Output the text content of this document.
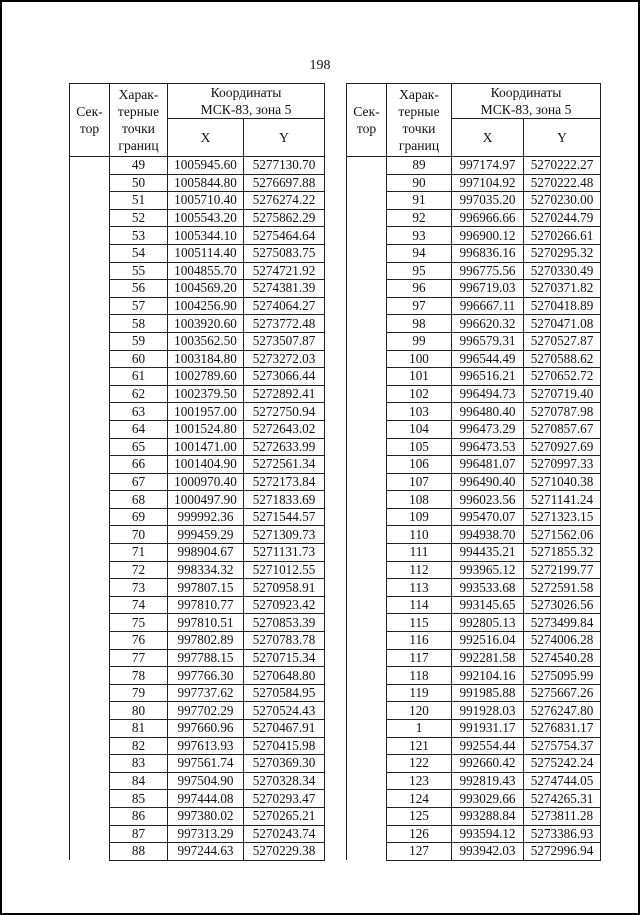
198
Сек-
тор	Харак-
терные
точки
границ	Координаты
МСК-83, зона 5	
		X	Y
	49	1005945.60	5277130.70
	50	1005844.80	5276697.88
	51	1005710.40	5276274.22
	52	1005543.20	5275862.29
	53	1005344.10	5275464.64
	54	1005114.40	5275083.75
	55	1004855.70	5274721.92
	56	1004569.20	5274381.39
	57	1004256.90	5274064.27
	58	1003920.60	5273772.48
	59	1003562.50	5273507.87
	60	1003184.80	5273272.03
	61	1002789.60	5273066.44
	62	1002379.50	5272892.41
	63	1001957.00	5272750.94
	64	1001524.80	5272643.02
	65	1001471.00	5272633.99
	66	1001404.90	5272561.34
	67	1000970.40	5272173.84
	68	1000497.90	5271833.69
	69	999992.36	5271544.57
	70	999459.29	5271309.73
	71	998904.67	5271131.73
	72	998334.32	5271012.55
	73	997807.15	5270958.91
	74	997810.77	5270923.42
	75	997810.51	5270853.39
	76	997802.89	5270783.78
	77	997788.15	5270715.34
	78	997766.30	5270648.80
	79	997737.62	5270584.95
	80	997702.29	5270524.43
	81	997660.96	5270467.91
	82	997613.93	5270415.98
	83	997561.74	5270369.30
	84	997504.90	5270328.34
	85	997444.08	5270293.47
	86	997380.02	5270265.21
	87	997313.29	5270243.74
	88	997244.63	5270229.38
Сек-
тор	Харак-
терные
точки
границ	Координаты
МСК-83, зона 5	
		X	Y
	89	997174.97	5270222.27
	90	997104.92	5270222.48
	91	997035.20	5270230.00
	92	996966.66	5270244.79
	93	996900.12	5270266.61
	94	996836.16	5270295.32
	95	996775.56	5270330.49
	96	996719.03	5270371.82
	97	996667.11	5270418.89
	98	996620.32	5270471.08
	99	996579.31	5270527.87
	100	996544.49	5270588.62
	101	996516.21	5270652.72
	102	996494.73	5270719.40
	103	996480.40	5270787.98
	104	996473.29	5270857.67
	105	996473.53	5270927.69
	106	996481.07	5270997.33
	107	996490.40	5271040.38
	108	996023.56	5271141.24
	109	995470.07	5271323.15
	110	994938.70	5271562.06
	111	994435.21	5271855.32
	112	993965.12	5272199.77
	113	993533.68	5272591.58
	114	993145.65	5273026.56
	115	992805.13	5273499.84
	116	992516.04	5274006.28
	117	992281.58	5274540.28
	118	992104.16	5275095.99
	119	991985.88	5275667.26
	120	991928.03	5276247.80
	1	991931.17	5276831.17
	121	992554.44	5275754.37
	122	992660.42	5275242.24
	123	992819.43	5274744.05
	124	993029.66	5274265.31
	125	993288.84	5273811.28
	126	993594.12	5273386.93
	127	993942.03	5272996.94
